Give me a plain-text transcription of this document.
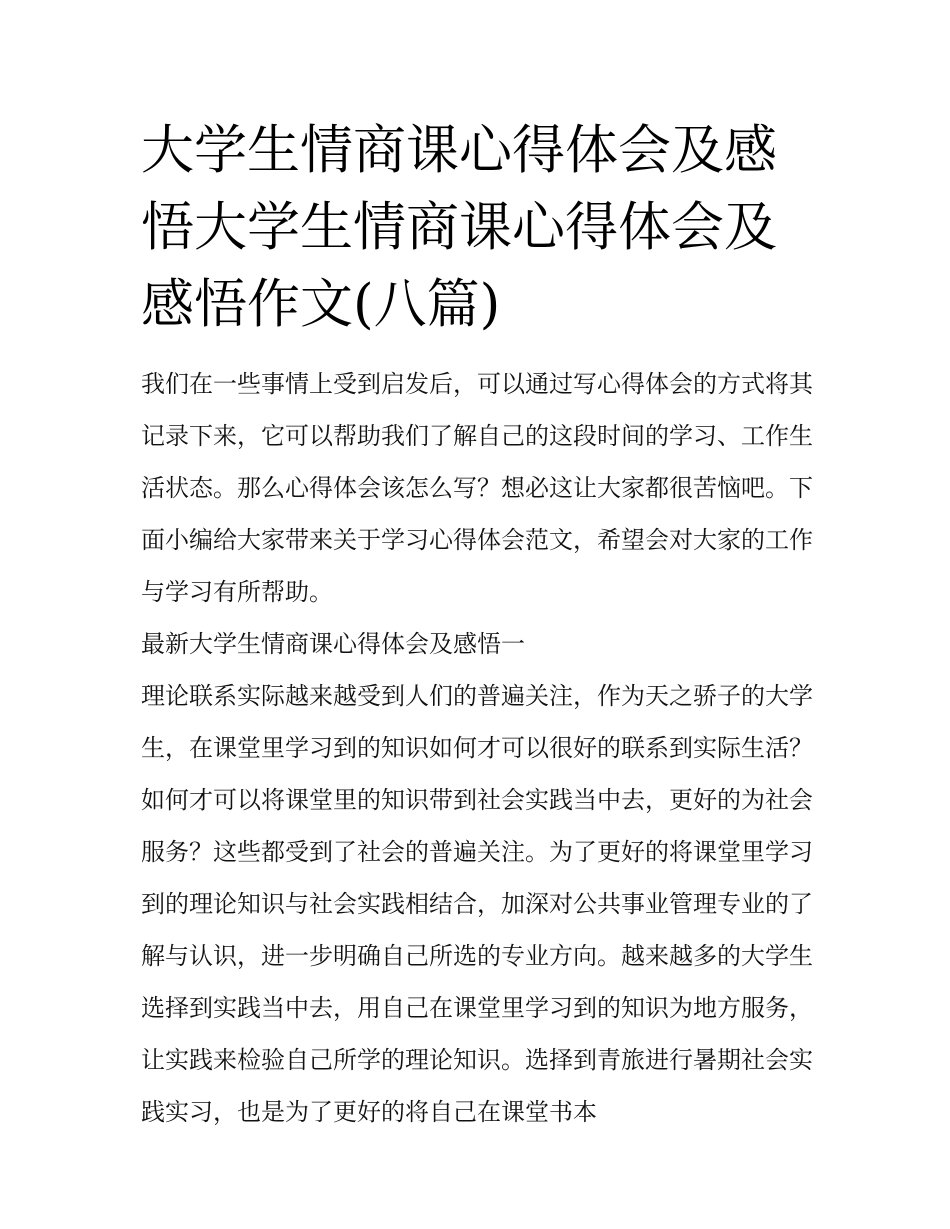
大学生情商课心得体会及感悟大学生情商课心得体会及感悟作文(八篇)

我们在一些事情上受到启发后，可以通过写心得体会的方式将其记录下来，它可以帮助我们了解自己的这段时间的学习、工作生活状态。那么心得体会该怎么写？想必这让大家都很苦恼吧。下面小编给大家带来关于学习心得体会范文，希望会对大家的工作与学习有所帮助。

最新大学生情商课心得体会及感悟一

理论联系实际越来越受到人们的普遍关注，作为天之骄子的大学生，在课堂里学习到的知识如何才可以很好的联系到实际生活？如何才可以将课堂里的知识带到社会实践当中去，更好的为社会服务？这些都受到了社会的普遍关注。为了更好的将课堂里学习到的理论知识与社会实践相结合，加深对公共事业管理专业的了解与认识，进一步明确自己所选的专业方向。越来越多的大学生选择到实践当中去，用自己在课堂里学习到的知识为地方服务，让实践来检验自己所学的理论知识。选择到青旅进行暑期社会实践实习，也是为了更好的将自己在课堂书本
